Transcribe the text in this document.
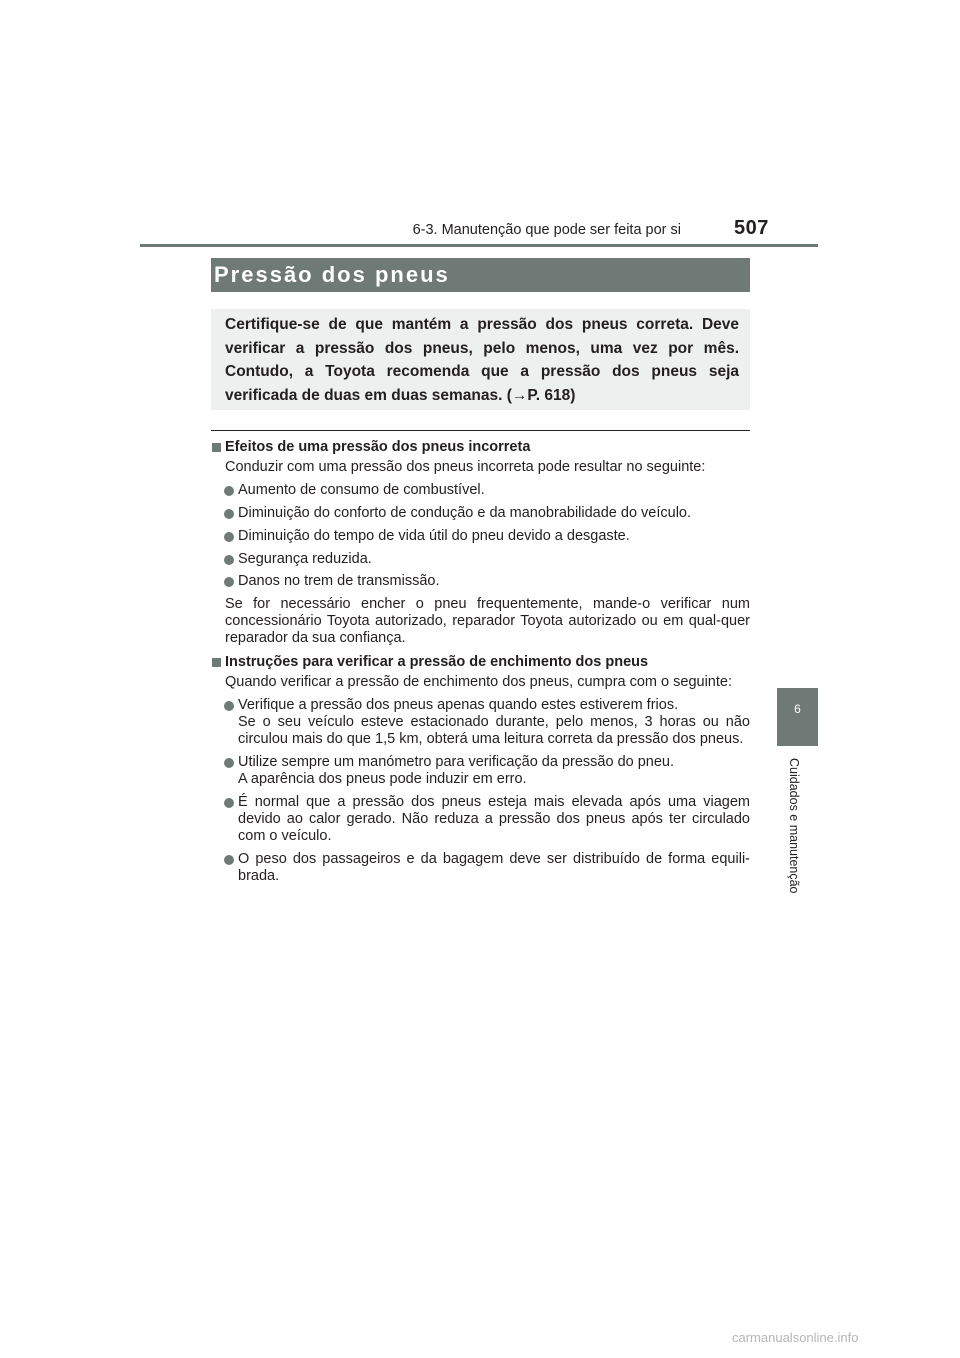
6-3. Manutenção que pode ser feita por si	507
6
Cuidados e manutenção
Pressão dos pneus
Certifique-se de que mantém a pressão dos pneus correta. Deve verificar a pressão dos pneus, pelo menos, uma vez por mês. Contudo, a Toyota recomenda que a pressão dos pneus seja verificada de duas em duas semanas. (→P. 618)
Efeitos de uma pressão dos pneus incorreta
Conduzir com uma pressão dos pneus incorreta pode resultar no seguinte:

Aumento de consumo de combustível.

Diminuição do conforto de condução e da manobrabilidade do veículo.

Diminuição do tempo de vida útil do pneu devido a desgaste.

Segurança reduzida.

Danos no trem de transmissão.

Se for necessário encher o pneu frequentemente, mande-o verificar num concessionário Toyota autorizado, reparador Toyota autorizado ou em qual-quer reparador da sua confiança.
Instruções para verificar a pressão de enchimento dos pneus
Quando verificar a pressão de enchimento dos pneus, cumpra com o seguinte:

Verifique a pressão dos pneus apenas quando estes estiverem frios.

Se o seu veículo esteve estacionado durante, pelo menos, 3 horas ou não circulou mais do que 1,5 km, obterá uma leitura correta da pressão dos pneus.

Utilize sempre um manómetro para verificação da pressão do pneu.

A aparência dos pneus pode induzir em erro.

É normal que a pressão dos pneus esteja mais elevada após uma viagem devido ao calor gerado. Não reduza a pressão dos pneus após ter circulado com o veículo.

O peso dos passageiros e da bagagem deve ser distribuído de forma equili-brada.

carmanualsonline.info
